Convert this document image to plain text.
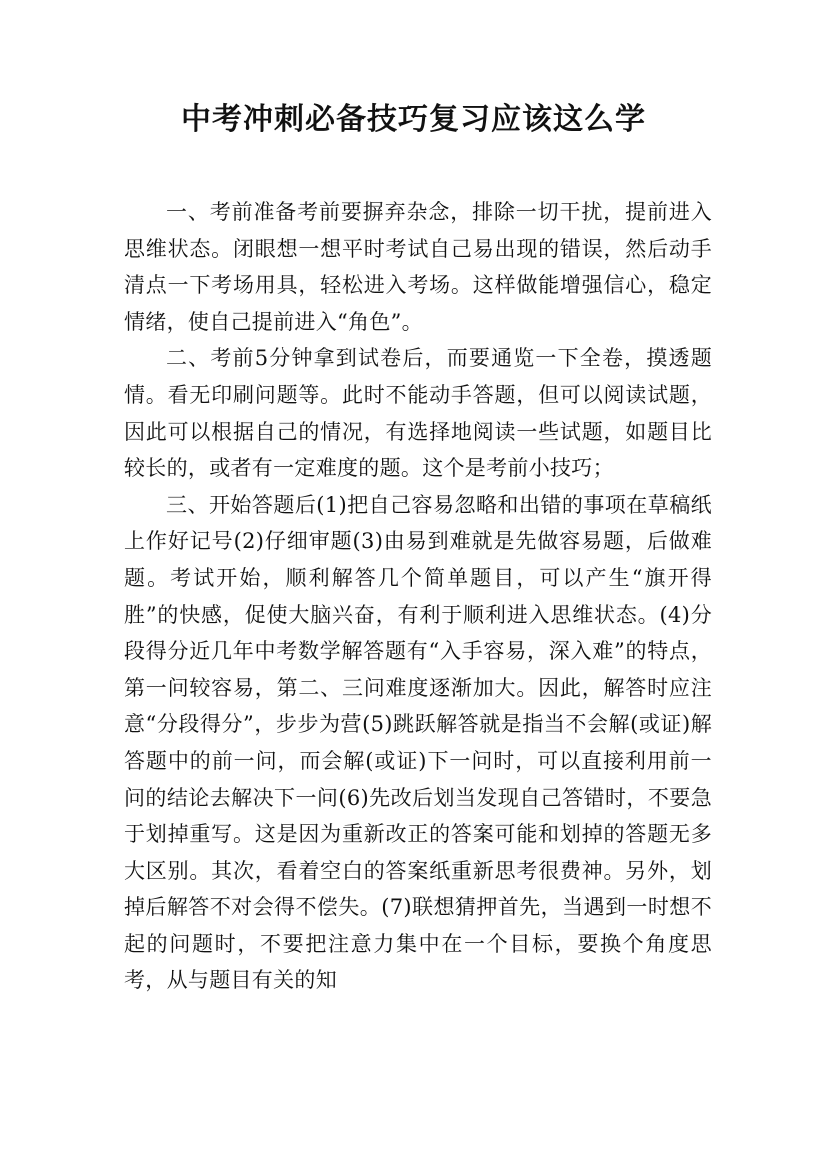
中考冲刺必备技巧复习应该这么学

一、考前准备考前要摒弃杂念，排除一切干扰，提前进入思维状态。闭眼想一想平时考试自己易出现的错误，然后动手清点一下考场用具，轻松进入考场。这样做能增强信心，稳定情绪，使自己提前进入“角色”。

二、考前5分钟拿到试卷后，而要通览一下全卷，摸透题情。看无印刷问题等。此时不能动手答题，但可以阅读试题，因此可以根据自己的情况，有选择地阅读一些试题，如题目比较长的，或者有一定难度的题。这个是考前小技巧；

三、开始答题后(1)把自己容易忽略和出错的事项在草稿纸上作好记号(2)仔细审题(3)由易到难就是先做容易题，后做难题。考试开始，顺利解答几个简单题目，可以产生“旗开得胜”的快感，促使大脑兴奋，有利于顺利进入思维状态。(4)分段得分近几年中考数学解答题有“入手容易，深入难”的特点，第一问较容易，第二、三问难度逐渐加大。因此，解答时应注意“分段得分”，步步为营(5)跳跃解答就是指当不会解(或证)解答题中的前一问，而会解(或证)下一问时，可以直接利用前一问的结论去解决下一问(6)先改后划当发现自己答错时，不要急于划掉重写。这是因为重新改正的答案可能和划掉的答题无多大区别。其次，看着空白的答案纸重新思考很费神。另外，划掉后解答不对会得不偿失。(7)联想猜押首先，当遇到一时想不起的问题时，不要把注意力集中在一个目标，要换个角度思考，从与题目有关的知
